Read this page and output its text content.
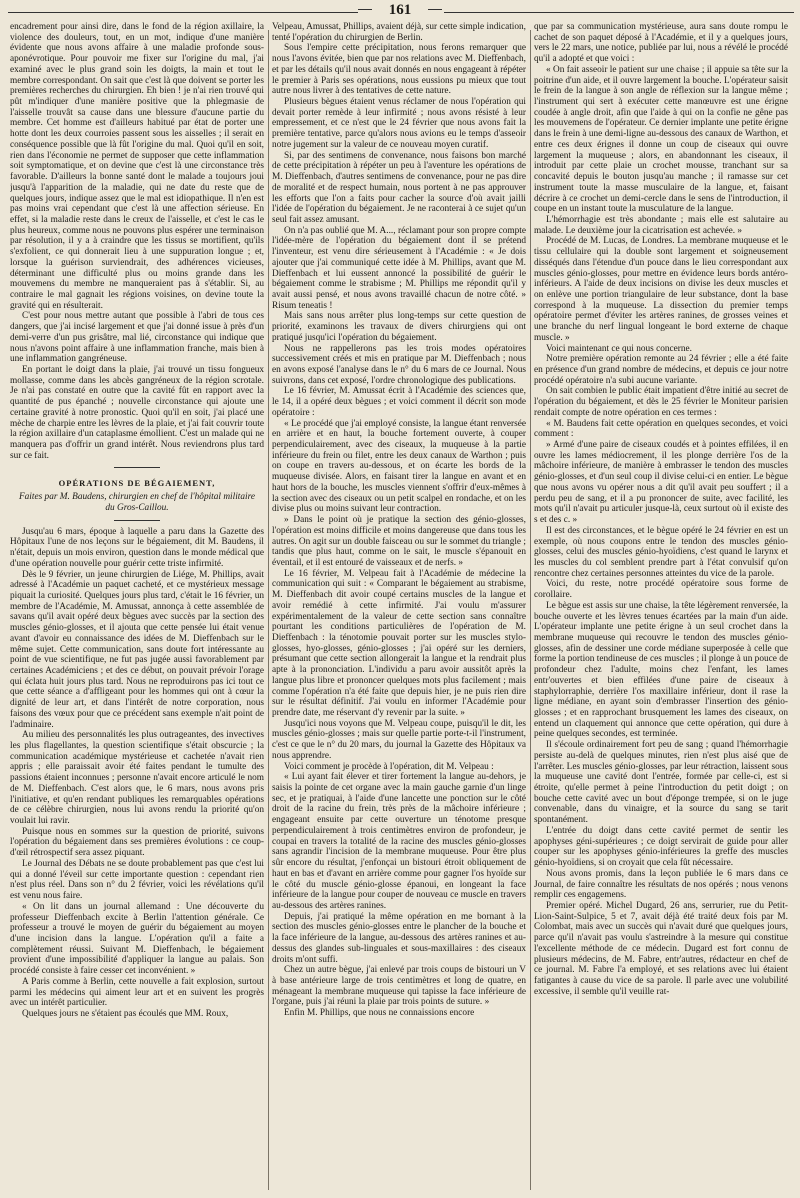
161

encadrement pour ainsi dire, dans le fond de la région axillaire, la violence des douleurs, tout, en un mot, indique d'une manière évidente que nous avons affaire à une maladie profonde sous-aponévrotique. Pour pouvoir me fixer sur l'origine du mal, j'ai examiné avec le plus grand soin les doigts, la main et tout le membre correspondant. On sait que c'est là que doivent se porter les premières recherches du chirurgien. Eh bien ! je n'ai rien trouvé qui pût m'indiquer d'une manière positive que la phlegmasie de l'aisselle trouvât sa cause dans une blessure d'aucune partie du membre. Cet homme est d'ailleurs habitué par état de porter une hotte dont les deux courroies passent sous les aisselles ; il serait en conséquence possible que là fût l'origine du mal. Quoi qu'il en soit, rien dans l'économie ne permet de supposer que cette inflammation soit symptomatique, et on devine que c'est là une circonstance très favorable. D'ailleurs la bonne santé dont le malade a toujours joui jusqu'à l'apparition de la maladie, qui ne date du reste que de quelques jours, indique assez que le mal est idiopathique. Il n'en est pas moins vrai cependant que c'est là une affection sérieuse. En effet, si la maladie reste dans le creux de l'aisselle, et c'est le cas le plus heureux, comme nous ne pouvons plus espérer une terminaison par résolution, il y a à craindre que les tissus se mortifient, qu'ils s'exfolient, ce qui donnerait lieu à une suppuration longue ; et, lorsque la guérison surviendrait, des adhérences vicieuses, déterminant une difficulté plus ou moins grande dans les mouvemens du membre ne manqueraient pas à s'établir. Si, au contraire le mal gagnait les régions voisines, on devine toute la gravité qui en résulterait.

C'est pour nous mettre autant que possible à l'abri de tous ces dangers, que j'ai incisé largement et que j'ai donné issue à près d'un demi-verre d'un pus grisâtre, mal lié, circonstance qui indique que nous n'avons point affaire à une inflammation franche, mais bien à une inflammation gangréneuse.

En portant le doigt dans la plaie, j'ai trouvé un tissu fongueux mollasse, comme dans les abcès gangréneux de la région scrotale. Je n'ai pas constaté en outre que la cavité fût en rapport avec la quantité de pus épanché ; nouvelle circonstance qui ajoute une certaine gravité à notre pronostic. Quoi qu'il en soit, j'ai placé une mèche de charpie entre les lèvres de la plaie, et j'ai fait couvrir toute la région axillaire d'un cataplasme émollient. C'est un malade qui ne manquera pas d'offrir un grand intérêt. Nous reviendrons plus tard sur ce fait.

OPÉRATIONS DE BÉGAIEMENT,
Faites par M. Baudens, chirurgien en chef de l'hôpital militaire du Gros-Caillou.

Jusqu'au 6 mars, époque à laquelle a paru dans la Gazette des Hôpitaux l'une de nos leçons sur le bégaiement, dit M. Baudens, il n'était, depuis un mois environ, question dans le monde médical que d'une opération nouvelle pour guérir cette triste infirmité.

Dès le 9 février, un jeune chirurgien de Liége, M. Phillips, avait adressé à l'Académie un paquet cacheté, et ce mystérieux message piquait la curiosité. Quelques jours plus tard, c'était le 16 février, un membre de l'Académie, M. Amussat, annonça à cette assemblée de savans qu'il avait opéré deux bègues avec succès par la section des muscles génio-glosses, et il ajouta que cette pensée lui était venue avant d'avoir eu connaissance des idées de M. Dieffenbach sur le même sujet. Cette communication, sans doute fort intéressante au point de vue scientifique, ne fut pas jugée aussi favorablement par certaines Académiciens ; et des ce début, on pouvait prévoir l'orage qui éclata huit jours plus tard. Nous ne reproduirons pas ici tout ce que cette séance a d'affligeant pour les hommes qui ont à cœur la dignité de leur art, et dans l'intérêt de notre corporation, nous faisons des vœux pour que ce précédent sans exemple n'ait point de l'adminaire.

Au milieu des personnalités les plus outrageantes, des invectives les plus flagellantes, la question scientifique s'était obscurcie ; la communication académique mystérieuse et cachetée n'avait rien appris ; elle paraissait avoir été faites pendant le tumulte des passions étaient inconnues ; personne n'avait encore articulé le nom de M. Dieffenbach. C'est alors que, le 6 mars, nous avons pris l'initiative, et qu'en rendant publiques les remarquables opérations de ce célèbre chirurgien, nous lui avons rendu la priorité qu'on voulait lui ravir.

Puisque nous en sommes sur la question de priorité, suivons l'opération du bégaiement dans ses premières évolutions : ce coup-d'œil rétrospectif sera assez piquant.

Le Journal des Débats ne se doute probablement pas que c'est lui qui a donné l'éveil sur cette importante question : cependant rien n'est plus réel. Dans son n° du 2 février, voici les révélations qu'il est venu nous faire.

« On lit dans un journal allemand : Une découverte du professeur Dieffenbach excite à Berlin l'attention générale. Ce professeur a trouvé le moyen de guérir du bégaiement au moyen d'une incision dans la langue. L'opération qu'il a faite a complètement réussi. Suivant M. Dieffenbach, le bégaiement provient d'une impossibilité d'appliquer la langue au palais. Son procédé consiste à faire cesser cet inconvénient. »

A Paris comme à Berlin, cette nouvelle a fait explosion, surtout parmi les médecins qui aiment leur art et en suivent les progrès avec un intérêt particulier.

Quelques jours ne s'étaient pas écoulés que MM. Roux,

Velpeau, Amussat, Phillips, avaient déjà, sur cette simple indication, tenté l'opération du chirurgien de Berlin.

Sous l'empire cette précipitation, nous ferons remarquer que nous l'avons évitée, bien que par nos relations avec M. Dieffenbach, et par les détails qu'il nous avait donnés en nous engageant à répéter le premier à Paris ses opérations, nous eussions pu mieux que tout autre nous livrer à des tentatives de cette nature.

Plusieurs bègues étaient venus réclamer de nous l'opération qui devait porter remède à leur infirmité ; nous avons résisté à leur empressement, et ce n'est que le 24 février que nous avons fait la première tentative, parce qu'alors nous avions eu le temps d'asseoir notre jugement sur la valeur de ce nouveau moyen curatif.

Si, par des sentimens de convenance, nous faisons bon marché de cette précipitation à répéter un peu à l'aventure les opérations de M. Dieffenbach, d'autres sentimens de convenance, pour ne pas dire de moralité et de respect humain, nous portent à ne pas approuver les efforts que l'on a faits pour cacher la source d'où avait jailli l'idée de l'opération du bégaiement. Je ne raconterai à ce sujet qu'un seul fait assez amusant.

On n'a pas oublié que M. A..., réclamant pour son propre compte l'idée-mère de l'opération du bégaiement dont il se prétend l'inventeur, est venu dire sérieusement à l'Académie : « Je dois ajouter que j'ai communiqué cette idée à M. Phillips, avant que M. Dieffenbach et lui eussent annoncé la possibilité de guérir le bégaiement comme le strabisme ; M. Phillips me répondit qu'il y avait aussi pensé, et nous avons travaillé chacun de notre côté. » Risum teneatis !

Mais sans nous arrêter plus long-temps sur cette question de priorité, examinons les travaux de divers chirurgiens qui ont pratiqué jusqu'ici l'opération du bégaiement.

Nous ne rappellerons pas les trois modes opératoires successivement créés et mis en pratique par M. Dieffenbach ; nous en avons exposé l'analyse dans le n° du 6 mars de ce Journal. Nous suivrons, dans cet exposé, l'ordre chronologique des publications.

Le 16 février, M. Amussat écrit à l'Académie des sciences que, le 14, il a opéré deux bègues ; et voici comment il décrit son mode opératoire :

« Le procédé que j'ai employé consiste, la langue étant renversée en arrière et en haut, la bouche fortement ouverte, à couper perpendiculairement, avec des ciseaux, la muqueuse à la partie inférieure du frein ou filet, entre les deux canaux de Warthon ; puis on coupe en travers au-dessous, et on écarte les bords de la muqueuse divisée. Alors, en faisant tirer la langue en avant et en haut hors de la bouche, les muscles viennent s'offrir d'eux-mêmes à la section avec des ciseaux ou un petit scalpel en rondache, et on les divise plus ou moins suivant leur contraction.

» Dans le point où je pratique la section des génio-glosses, l'opération est moins difficile et moins dangereuse que dans tous les autres. On agit sur un double faisceau ou sur le sommet du triangle ; tandis que plus haut, comme on le sait, le muscle s'épanouit en éventail, et il est entouré de vaisseaux et de nerfs. »

Le 16 février, M. Velpeau fait à l'Académie de médecine la communication qui suit : « Comparant le bégaiement au strabisme, M. Dieffenbach dit avoir coupé certains muscles de la langue et avoir remédié à cette infirmité. J'ai voulu m'assurer expérimentalement de la valeur de cette section sans connaître pourtant les conditions particulières de l'opération de M. Dieffenbach : la ténotomie pouvait porter sur les muscles stylo-glosses, hyo-glosses, génio-glosses ; j'ai opéré sur les derniers, présumant que cette section allongerait la langue et la rendrait plus apte à la prononciation. L'individu a paru avoir aussitôt après la langue plus libre et prononcer quelques mots plus facilement ; mais comme l'opération n'a été faite que depuis hier, je ne puis rien dire sur le résultat définitif. J'ai voulu en informer l'Académie pour prendre date, me réservant d'y revenir par la suite. »

Jusqu'ici nous voyons que M. Velpeau coupe, puisqu'il le dit, les muscles génio-glosses ; mais sur quelle partie porte-t-il l'instrument, c'est ce que le n° du 20 mars, du journal la Gazette des Hôpitaux va nous apprendre.

Voici comment je procède à l'opération, dit M. Velpeau :

« Lui ayant fait élever et tirer fortement la langue au-dehors, je saisis la pointe de cet organe avec la main gauche garnie d'un linge sec, et je pratiquai, à l'aide d'une lancette une ponction sur le côté droit de la racine du frein, très près de la mâchoire inférieure ; engageant ensuite par cette ouverture un ténotome presque perpendiculairement à trois centimètres environ de profondeur, je coupai en travers la totalité de la racine des muscles génio-glosses sans agrandir l'incision de la membrane muqueuse. Pour être plus sûr encore du résultat, j'enfonçai un bistouri étroit obliquement de haut en bas et d'avant en arrière comme pour gagner l'os hyoïde sur le côté du muscle génio-glosse épanoui, en longeant la face inférieure de la langue pour couper de nouveau ce muscle en travers au-dessous des artères ranines.

Depuis, j'ai pratiqué la même opération en me bornant à la section des muscles génio-glosses entre le plancher de la bouche et la face inférieure de la langue, au-dessous des artères ranines et au-dessus des glandes sub-linguales et sous-maxillaires : des ciseaux droits m'ont suffi.

Chez un autre bègue, j'ai enlevé par trois coups de bistouri un V à base antérieure large de trois centimètres et long de quatre, en ménageant la membrane muqueuse qui tapisse la face inférieure de l'organe, puis j'ai réuni la plaie par trois points de suture. »

Enfin M. Phillips, que nous ne connaissions encore

que par sa communication mystérieuse, aura sans doute rompu le cachet de son paquet déposé à l'Académie, et il y a quelques jours, vers le 22 mars, une notice, publiée par lui, nous a révélé le procédé qu'il a adopté et que voici :

« On fait asseoir le patient sur une chaise ; il appuie sa tête sur la poitrine d'un aide, et il ouvre largement la bouche. L'opérateur saisit le frein de la langue à son angle de réflexion sur la langue même ; l'instrument qui sert à exécuter cette manœuvre est une érigne coudée à angle droit, afin que l'aide à qui on la confie ne gêne pas les mouvemens de l'opérateur. Ce dernier implante une petite érigne dans le frein à une demi-ligne au-dessous des canaux de Warthon, et entre ces deux érignes il donne un coup de ciseaux qui ouvre largement la muqueuse ; alors, en abandonnant les ciseaux, il introduit par cette plaie un crochet mousse, tranchant sur sa concavité depuis le bouton jusqu'au manche ; il ramasse sur cet instrument toute la masse musculaire de la langue, et, faisant décrire à ce crochet un demi-cercle dans le sens de l'introduction, il coupe en un instant toute la musculature de la langue.

L'hémorrhagie est très abondante ; mais elle est salutaire au malade. Le deuxième jour la cicatrisation est achevée. »

Procédé de M. Lucas, de Londres. La membrane muqueuse et le tissu cellulaire qui la double sont largement et soigneusement disséqués dans l'étendue d'un pouce dans le lieu correspondant aux muscles génio-glosses, pour mettre en évidence leurs bords antéro-inférieurs. A l'aide de deux incisions on divise les deux muscles et on enlève une portion triangulaire de leur substance, dont la base correspond à la muqueuse. La dissection du premier temps opératoire permet d'éviter les artères ranines, de grosses veines et une branche du nerf lingual longeant le bord externe de chaque muscle. »

Voici maintenant ce qui nous concerne.

Notre première opération remonte au 24 février ; elle a été faite en présence d'un grand nombre de médecins, et depuis ce jour notre procédé opératoire n'a subi aucune variante.

On sait combien le public était impatient d'être initié au secret de l'opération du bégaiement, et dès le 25 février le Moniteur parisien rendait compte de notre opération en ces termes :

« M. Baudens fait cette opération en quelques secondes, et voici comment :

» Armé d'une paire de ciseaux coudés et à pointes effilées, il en ouvre les lames médiocrement, il les plonge derrière l'os de la mâchoire inférieure, de manière à embrasser le tendon des muscles génio-glosses, et d'un seul coup il divise celui-ci en entier. Le bègue que nous avons vu opérer nous a dit qu'il avait peu souffert ; il a perdu peu de sang, et il a pu prononcer de suite, avec facilité, les mots qu'il n'avait pu articuler jusque-là, ceux surtout où il existe des s et des c. »

Il est des circonstances, et le bègue opéré le 24 février en est un exemple, où nous coupons entre le tendon des muscles génio-glosses, celui des muscles génio-hyoïdiens, c'est quand le larynx et les muscles du col semblent prendre part à l'état convulsif qu'on rencontre chez certaines personnes atteintes du vice de la parole.

Voici, du reste, notre procédé opératoire sous forme de corollaire.

Le bègue est assis sur une chaise, la tête légèrement renversée, la bouche ouverte et les lèvres tenues écartées par la main d'un aide. L'opérateur implante une petite érigne à un seul crochet dans la membrane muqueuse qui recouvre le tendon des muscles génio-glosses, afin de dessiner une corde médiane superposée à celle que forme la portion tendineuse de ces muscles ; il plonge à un pouce de profondeur chez l'adulte, moins chez l'enfant, les lames entr'ouvertes et bien effilées d'une paire de ciseaux à staphylorraphie, derrière l'os maxillaire inférieur, dont il rase la ligne médiane, en ayant soin d'embrasser l'insertion des génio-glosses ; et en rapprochant brusquement les lames des ciseaux, on entend un claquement qui annonce que cette opération, qui dure à peine quelques secondes, est terminée.

Il s'écoule ordinairement fort peu de sang ; quand l'hémorrhagie persiste au-delà de quelques minutes, rien n'est plus aisé que de l'arrêter. Les muscles génio-glosses, par leur rétraction, laissent sous la muqueuse une cavité dont l'entrée, formée par celle-ci, est si étroite, qu'elle permet à peine l'introduction du petit doigt ; on bouche cette cavité avec un bout d'éponge trempée, si on le juge convenable, dans du vinaigre, et la source du sang se tarit spontanément.

L'entrée du doigt dans cette cavité permet de sentir les apophyses géni-supérieures ; ce doigt servirait de guide pour aller couper sur les apophyses génio-inférieures la greffe des muscles génio-hyoïdiens, si on croyait que cela fût nécessaire.

Nous avons promis, dans la leçon publiée le 6 mars dans ce Journal, de faire connaître les résultats de nos opérés ; nous venons remplir ces engagemens.

Premier opéré. Michel Dugard, 26 ans, serrurier, rue du Petit-Lion-Saint-Sulpice, 5 et 7, avait déjà été traité deux fois par M. Colombat, mais avec un succès qui n'avait duré que quelques jours, parce qu'il n'avait pas voulu s'astreindre à la mesure qui constitue l'excellente méthode de ce médecin. Dugard est fort connu de plusieurs médecins, de M. Fabre, entr'autres, rédacteur en chef de ce journal. M. Fabre l'a employé, et ses relations avec lui étaient fatigantes à cause du vice de sa parole. Il parle avec une volubilité excessive, il semble qu'il veuille rat-
